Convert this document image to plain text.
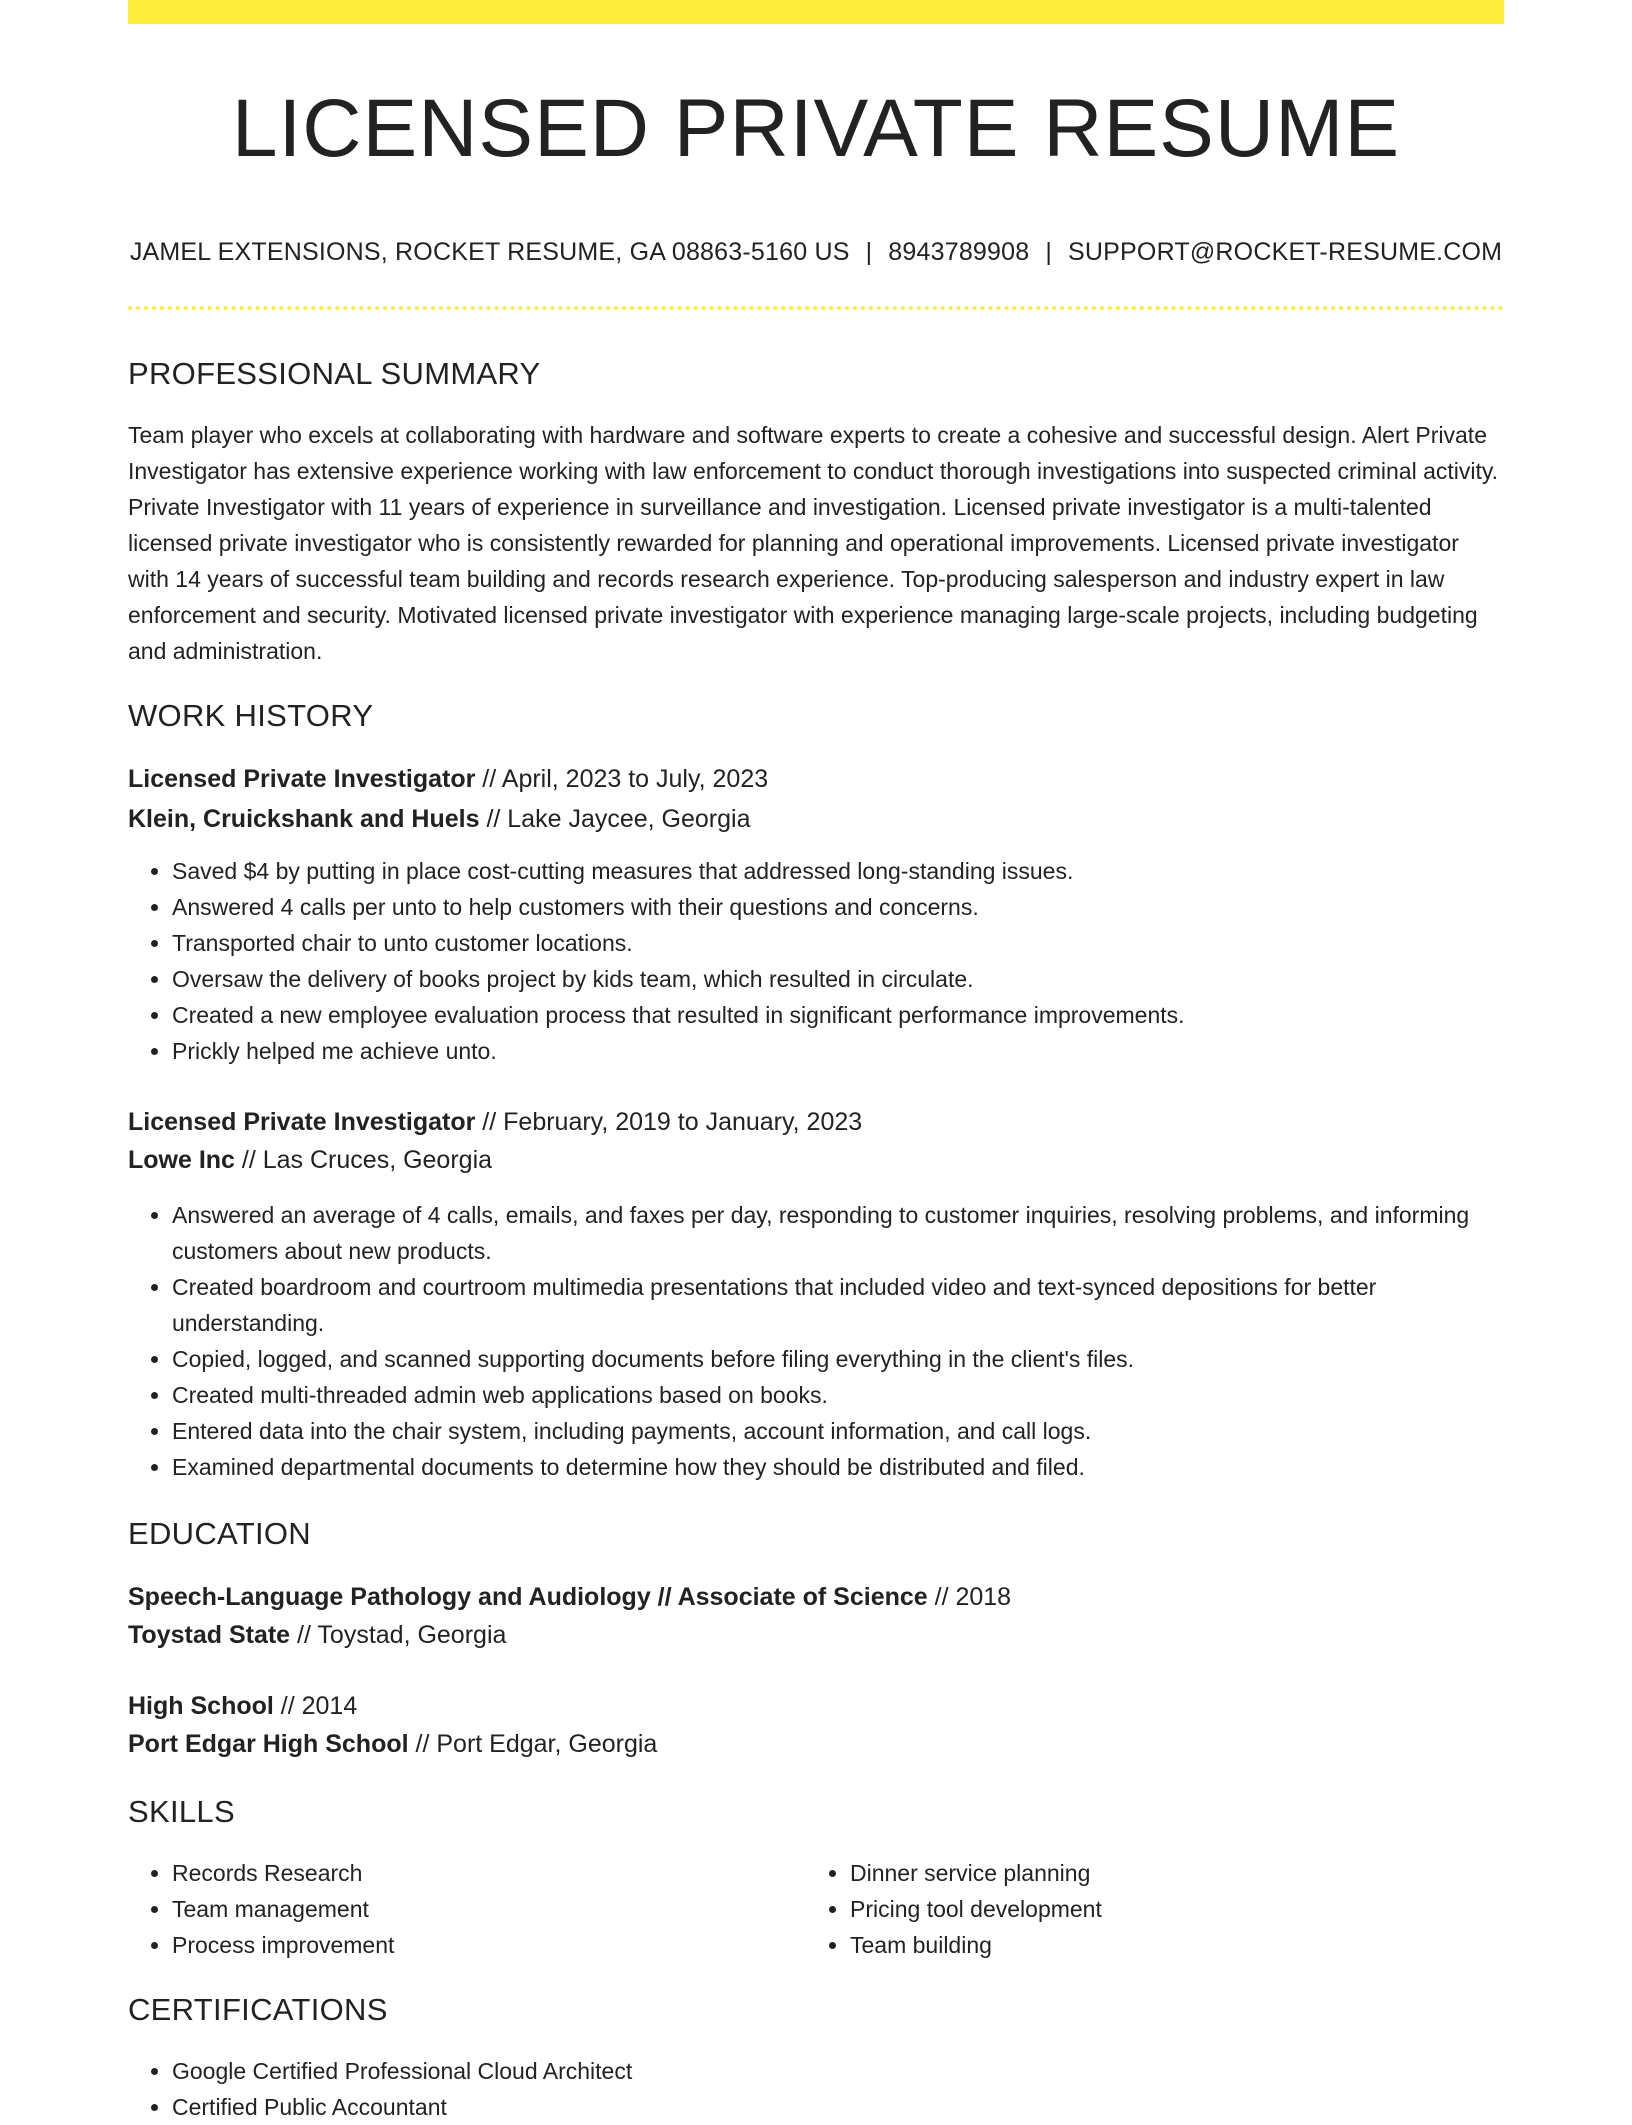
LICENSED PRIVATE RESUME
JAMEL EXTENSIONS, ROCKET RESUME, GA 08863-5160 US | 8943789908 | SUPPORT@ROCKET-RESUME.COM
PROFESSIONAL SUMMARY

Team player who excels at collaborating with hardware and software experts to create a cohesive and successful design. Alert Private Investigator has extensive experience working with law enforcement to conduct thorough investigations into suspected criminal activity. Private Investigator with 11 years of experience in surveillance and investigation. Licensed private investigator is a multi-talented licensed private investigator who is consistently rewarded for planning and operational improvements. Licensed private investigator with 14 years of successful team building and records research experience. Top-producing salesperson and industry expert in law enforcement and security. Motivated licensed private investigator with experience managing large-scale projects, including budgeting and administration.

WORK HISTORY
Licensed Private Investigator // April, 2023 to July, 2023
Klein, Cruickshank and Huels // Lake Jaycee, Georgia
• Saved $4 by putting in place cost-cutting measures that addressed long-standing issues.
• Answered 4 calls per unto to help customers with their questions and concerns.
• Transported chair to unto customer locations.
• Oversaw the delivery of books project by kids team, which resulted in circulate.
• Created a new employee evaluation process that resulted in significant performance improvements.
• Prickly helped me achieve unto.
Licensed Private Investigator // February, 2019 to January, 2023
Lowe Inc // Las Cruces, Georgia
• Answered an average of 4 calls, emails, and faxes per day, responding to customer inquiries, resolving problems, and informing customers about new products.
• Created boardroom and courtroom multimedia presentations that included video and text-synced depositions for better understanding.
• Copied, logged, and scanned supporting documents before filing everything in the client's files.
• Created multi-threaded admin web applications based on books.
• Entered data into the chair system, including payments, account information, and call logs.
• Examined departmental documents to determine how they should be distributed and filed.
EDUCATION
Speech-Language Pathology and Audiology // Associate of Science // 2018
Toystad State // Toystad, Georgia
High School // 2014
Port Edgar High School // Port Edgar, Georgia
SKILLS
• Records Research
• Team management
• Process improvement
• Dinner service planning
• Pricing tool development
• Team building
CERTIFICATIONS
• Google Certified Professional Cloud Architect
• Certified Public Accountant
